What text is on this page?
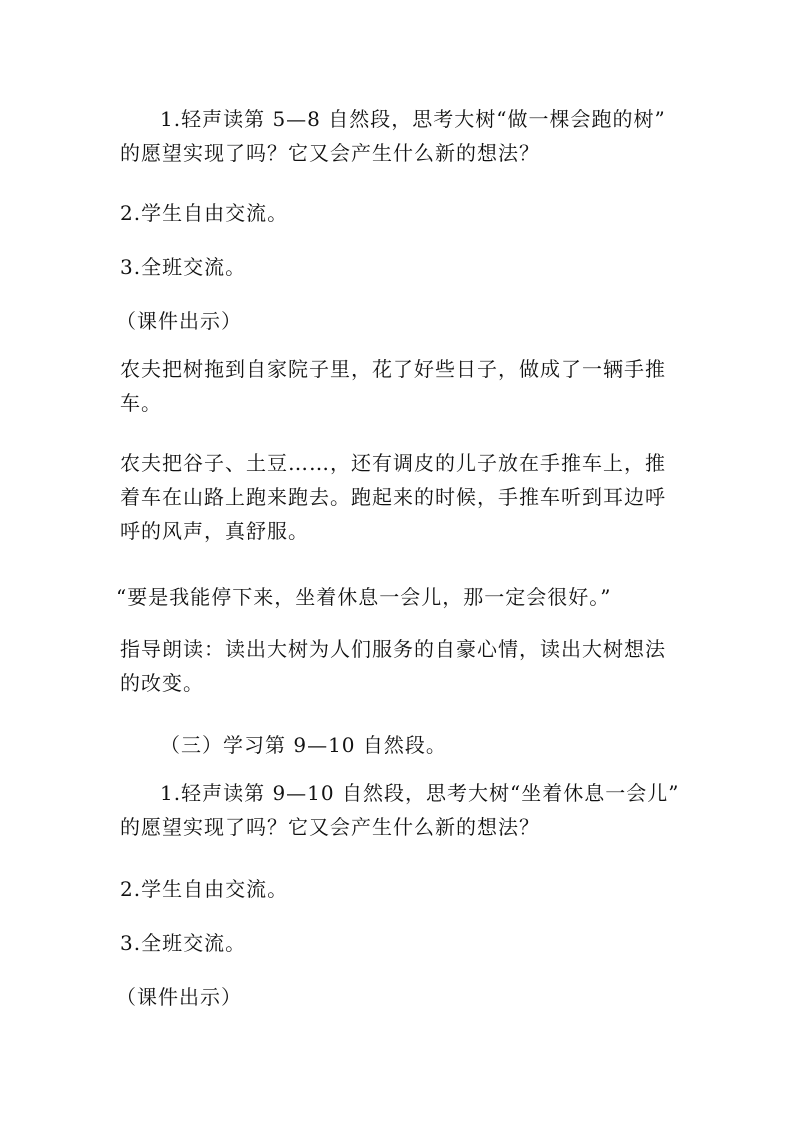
1.轻声读第 5—8 自然段，思考大树“做一棵会跑的树”
的愿望实现了吗？它又会产生什么新的想法？
2.学生自由交流。
3.全班交流。
（课件出示）
农夫把树拖到自家院子里，花了好些日子，做成了一辆手推
车。
农夫把谷子、土豆……，还有调皮的儿子放在手推车上，推
着车在山路上跑来跑去。跑起来的时候，手推车听到耳边呼
呼的风声，真舒服。
“要是我能停下来，坐着休息一会儿，那一定会很好。”
指导朗读：读出大树为人们服务的自豪心情，读出大树想法
的改变。
（三）学习第 9—10 自然段。
1.轻声读第 9—10 自然段，思考大树“坐着休息一会儿”
的愿望实现了吗？它又会产生什么新的想法？
2.学生自由交流。
3.全班交流。
（课件出示）
